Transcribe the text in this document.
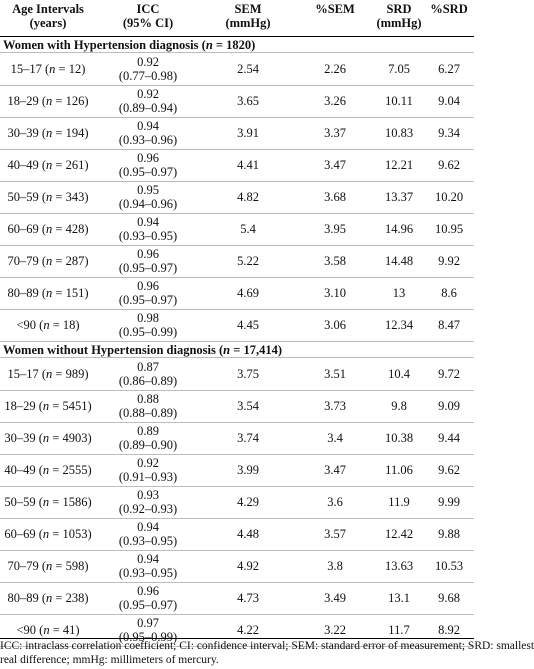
Age Intervals
(years)
ICC
(95% CI)
SEM
(mmHg)
%SEM	SRD
(mmHg)
%SRD
Women with Hypertension diagnosis (n = 1820)
15–17 ( n = 12 )	0.92
(0.77–0.98)	2.54	2.26	7.05	6.27
18–29 ( n = 126 )	0.92
(0.89–0.94)	3.65	3.26	10.11	9.04
30–39 ( n = 194 )	0.94
(0.93–0.96)	3.91	3.37	10.83	9.34
40–49 ( n = 261 )	0.96
(0.95–0.97)	4.41	3.47	12.21	9.62
50–59 ( n = 343 )	0.95
(0.94–0.96)	4.82	3.68	13.37	10.20
60–69 ( n = 428 )	0.94
(0.93–0.95)	5.4	3.95	14.96	10.95
70–79 ( n = 287 )	0.96
(0.95–0.97)	5.22	3.58	14.48	9.92
80–89 ( n = 151 )	0.96
(0.95–0.97)	4.69	3.10	13	8.6
<90 ( n = 18 )	0.98
(0.95–0.99)	4.45	3.06	12.34	8.47
Women without Hypertension diagnosis (n = 17,414)
15–17 ( n = 989 )	0.87
(0.86–0.89)	3.75	3.51	10.4	9.72
18–29 ( n = 5451 )	0.88
(0.88–0.89)	3.54	3.73	9.8	9.09
30–39 ( n = 4903 )	0.89
(0.89–0.90)	3.74	3.4	10.38	9.44
40–49 ( n = 2555 )	0.92
(0.91–0.93)	3.99	3.47	11.06	9.62
50–59 ( n = 1586 )	0.93
(0.92–0.93)	4.29	3.6	11.9	9.99
60–69 ( n = 1053 )	0.94
(0.93–0.95)	4.48	3.57	12.42	9.88
70–79 ( n = 598 )	0.94
(0.93–0.95)	4.92	3.8	13.63	10.53
80–89 ( n = 238 )	0.96
(0.95–0.97)	4.73	3.49	13.1	9.68
<90 ( n = 41 )	0.97
(0.95–0.99)	4.22	3.22	11.7	8.92
ICC: intraclass correlation coefficient; CI: confidence interval; SEM: standard error of measurement; SRD: smallest
real difference; mmHg: millimeters of mercury.
